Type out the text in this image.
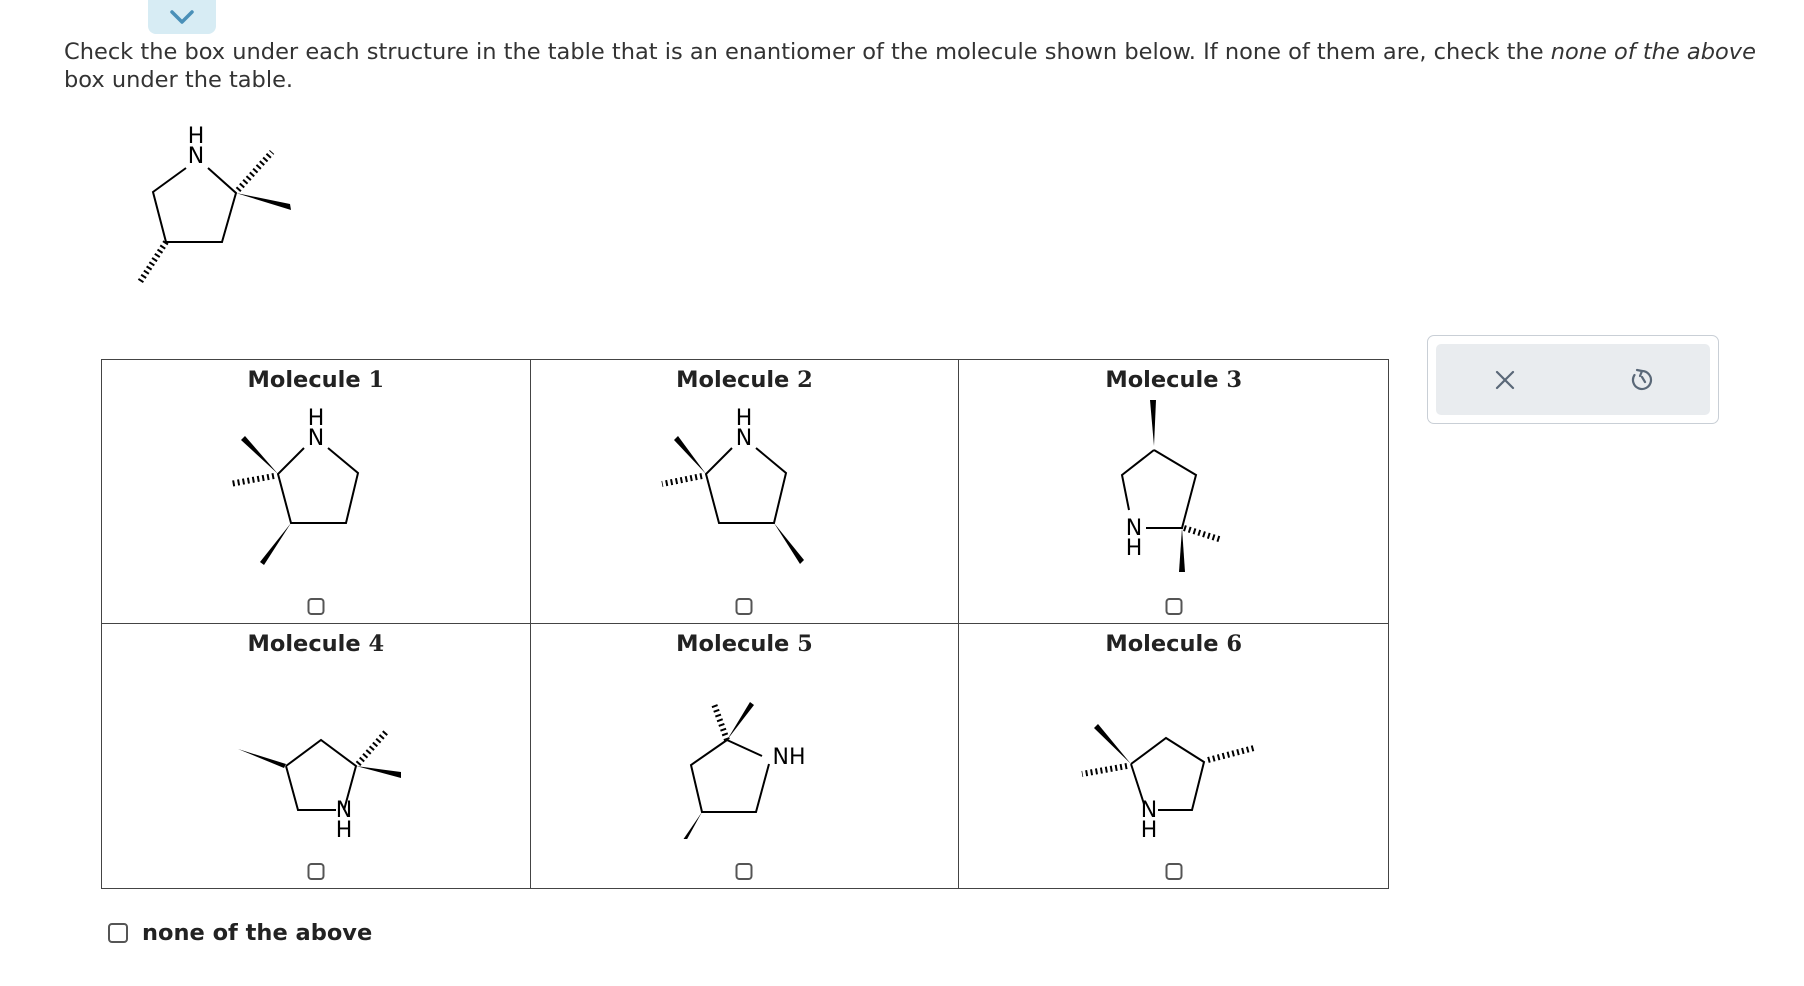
Check the box under each structure in the table that is an enantiomer of the molecule shown below. If none of them are, check the none of the above box under the table.
H
N
Molecule 1
H
N
Molecule 2
H
N
Molecule 3
N
H
Molecule 4
N
H
Molecule 5
NH
Molecule 6
N
H
none of the above
